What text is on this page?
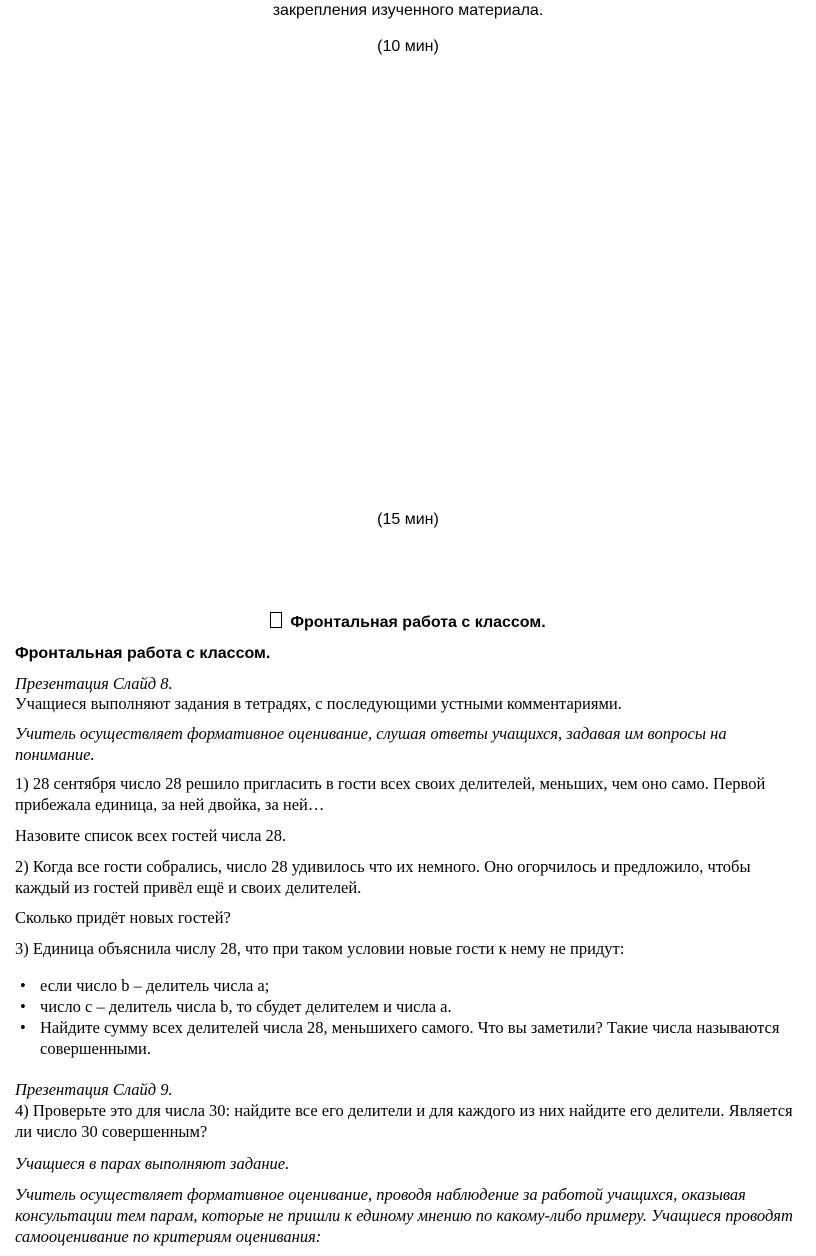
закрепления изученного материала.

(10 мин)

(15 мин)

Фронтальная работа с классом.

Фронтальная работа с классом.

Презентация Слайд 8.

Учащиеся выполняют задания в тетрадях, с последующими устными комментариями.

Учитель осуществляет формативное оценивание, слушая ответы учащихся, задавая им вопросы на понимание.

1) 28 сентября число 28 решило пригласить в гости всех своих делителей, меньших, чем оно само. Первой прибежала единица, за ней двойка, за ней…

Назовите список всех гостей числа 28.

2) Когда все гости собрались, число 28 удивилось что их немного. Оно огорчилось и предложило, чтобы каждый из гостей привёл ещё и своих делителей.

Сколько придёт новых гостей?

3) Единица объяснила числу 28, что при таком условии новые гости к нему не придут:

• если число b – делитель числа a;
• число c – делитель числа b, то сбудет делителем и числа a.
• Найдите сумму всех делителей числа 28, меньшихего самого. Что вы заметили? Такие числа называются совершенными.

Презентация Слайд 9.

4) Проверьте это для числа 30: найдите все его делители и для каждого из них найдите его делители. Является ли число 30 совершенным?

Учащиеся в парах выполняют задание.

Учитель осуществляет формативное оценивание, проводя наблюдение за работой учащихся, оказывая консультации тем парам, которые не пришли к единому мнению по какому-либо примеру. Учащиеся проводят самооценивание по критериям оценивания:
